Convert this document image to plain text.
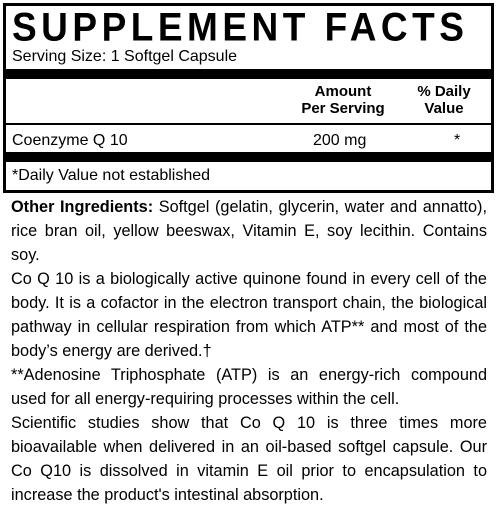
SUPPLEMENT FACTS
Serving Size: 1 Softgel Capsule
Amount
Per Serving
% Daily
Value
Coenzyme Q 10	200 mg	*
*Daily Value not established

Other Ingredients: Softgel (gelatin, glycerin, water and annatto), rice bran oil, yellow beeswax, Vitamin E, soy lecithin. Contains soy.

Co Q 10 is a biologically active quinone found in every cell of the body. It is a cofactor in the electron transport chain, the biological pathway in cellular respiration from which ATP** and most of the body’s energy are derived.†

**Adenosine Triphosphate (ATP) is an energy-rich compound used for all energy-requiring processes within the cell.

Scientific studies show that Co Q 10 is three times more bioavailable when delivered in an oil-based softgel capsule. Our Co Q10 is dissolved in vitamin E oil prior to encapsulation to increase the product's intestinal absorption.
